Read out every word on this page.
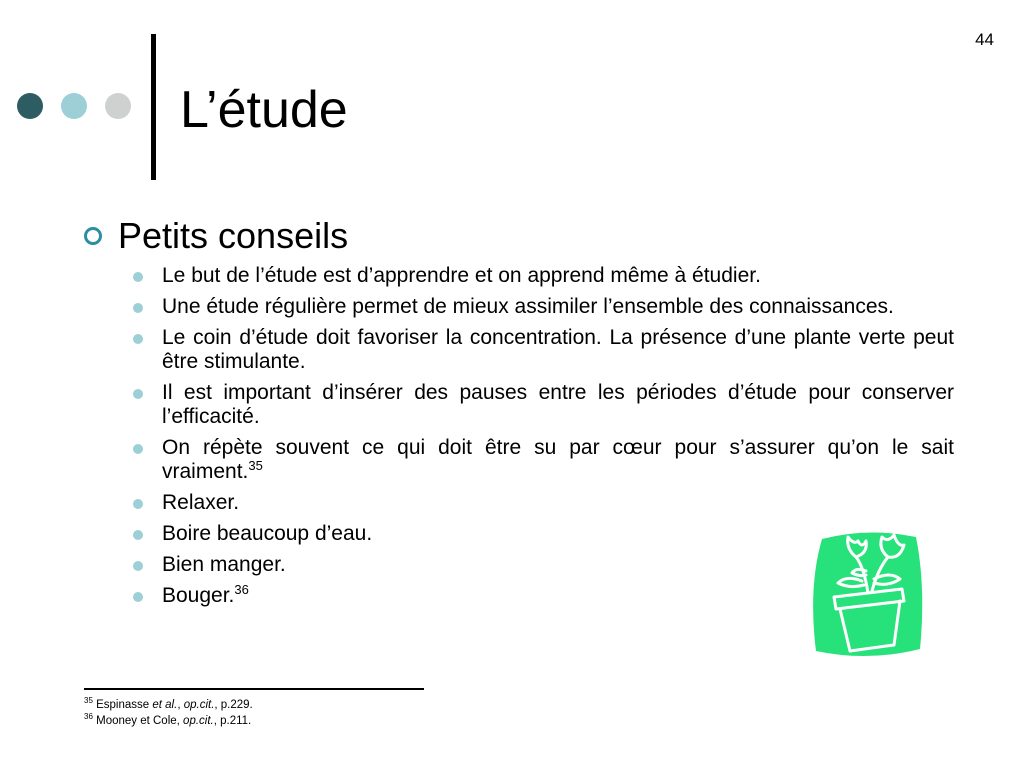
44
L’étude
Petits conseils
Le but de l’étude est d’apprendre et on apprend même à étudier.
Une étude régulière permet de mieux assimiler l’ensemble des connaissances.
Le coin d’étude doit favoriser la concentration. La présence d’une plante verte peut être stimulante.
Il est important d’insérer des pauses entre les périodes d’étude pour conserver l’efficacité.
On répète souvent ce qui doit être su par cœur pour s’assurer qu’on le sait vraiment.$^{35}$
Relaxer.
Boire beaucoup d’eau.
Bien manger.
Bouger.$^{36}$
$^{35}$ Espinasse et al., op.cit., p.229.
$^{36}$ Mooney et Cole, op.cit., p.211.
